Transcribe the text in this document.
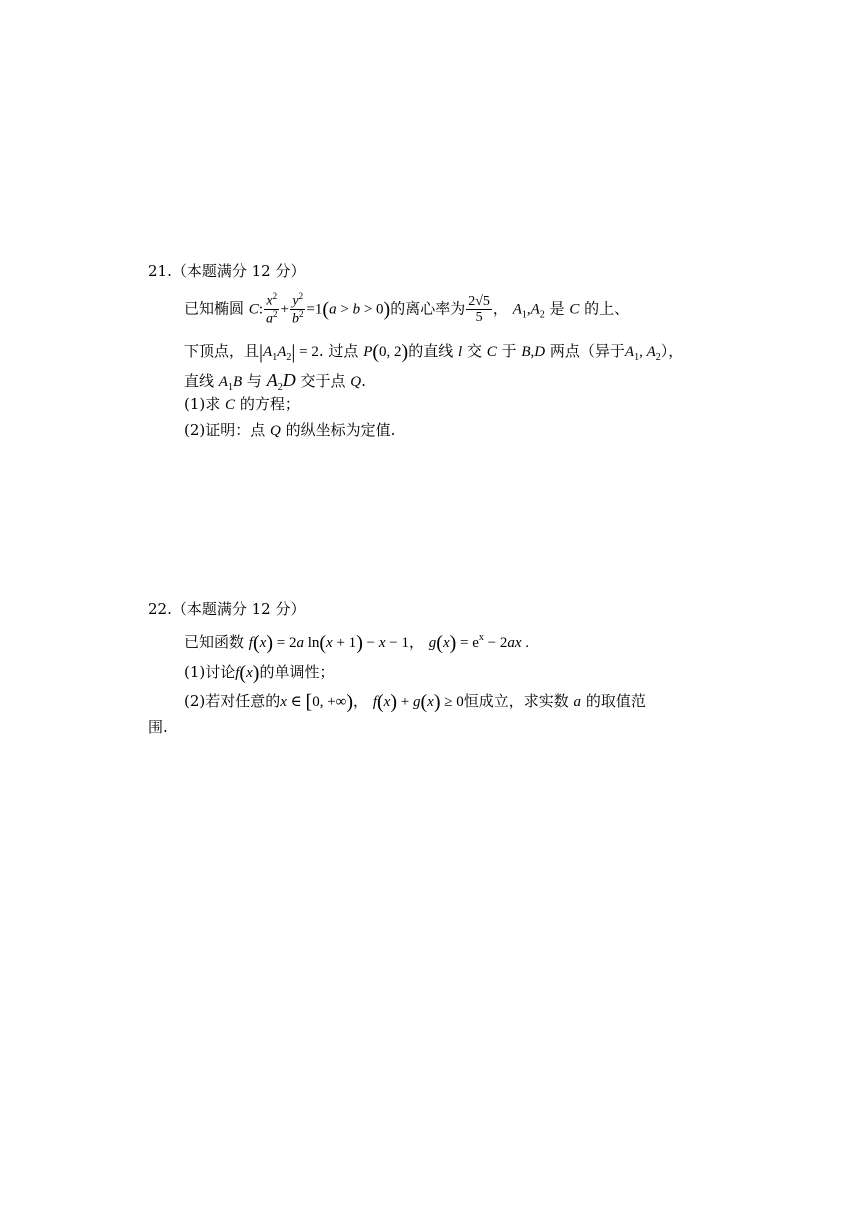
21.（本题满分 12 分）
已知椭圆 C: $\frac{x^2}{a^2} + \frac{y^2}{b^2} =1(a > b > 0)$的离心率为 $\frac{2√5}{5}$ ， $A_1,A_2$ 是 C 的上、
下顶点，且$|A_1A_2| = 2$. 过点 P(0, 2)的直线 l 交 C 于 B,D 两点（异于$A_1$, $A_2$），
直线 $A_1B$ 与 $A_2D$ 交于点 Q.
(1)求 C 的方程；
(2)证明：点 Q 的纵坐标为定值.
22.（本题满分 12 分）
已知函数 f(x) = 2a ln(x + 1) − x − 1， $g(x) = e^x - 2ax$ .
(1)讨论f(x)的单调性；
(2)若对任意的x ∈ [0, +∞)， f(x) + g(x) ≥ 0恒成立，求实数 a 的取值范
围.
